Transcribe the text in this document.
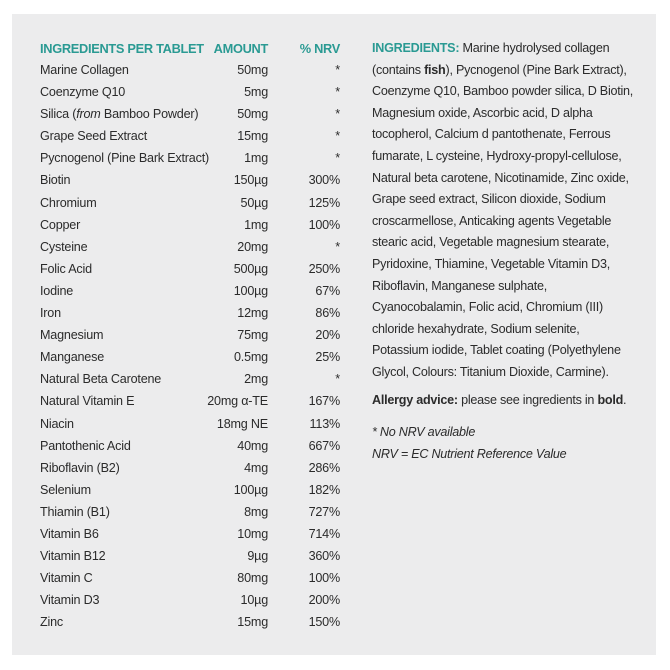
INGREDIENTS PER TABLET AMOUNT	% NRV
Marine Collagen	50mg	*
Coenzyme Q10	5mg	*
Silica (from Bamboo Powder)	50mg	*
Grape Seed Extract	15mg	*
Pycnogenol (Pine Bark Extract)	1mg	*
Biotin	150µg	300%
Chromium	50µg	125%
Copper	1mg	100%
Cysteine	20mg	*
Folic Acid	500µg	250%
Iodine	100µg	67%
Iron	12mg	86%
Magnesium	75mg	20%
Manganese	0.5mg	25%
Natural Beta Carotene	2mg	*
Natural Vitamin E	20mg α-TE	167%
Niacin	18mg NE	113%
Pantothenic Acid	40mg	667%
Riboflavin (B2)	4mg	286%
Selenium	100µg	182%
Thiamin (B1)	8mg	727%
Vitamin B6	10mg	714%
Vitamin B12	9µg	360%
Vitamin C	80mg	100%
Vitamin D3	10µg	200%
Zinc	15mg	150%
INGREDIENTS: Marine hydrolysed collagen (contains fish), Pycnogenol (Pine Bark Extract), Coenzyme Q10, Bamboo powder silica, D Biotin, Magnesium oxide, Ascorbic acid, D alpha tocopherol, Calcium d pantothenate, Ferrous fumarate, L cysteine, Hydroxy-propyl-cellulose, Natural beta carotene, Nicotinamide, Zinc oxide, Grape seed extract, Silicon dioxide, Sodium croscarmellose, Anticaking agents Vegetable stearic acid, Vegetable magnesium stearate, Pyridoxine, Thiamine, Vegetable Vitamin D3, Riboflavin, Manganese sulphate, Cyanocobalamin, Folic acid, Chromium (III) chloride hexahydrate, Sodium selenite, Potassium iodide, Tablet coating (Polyethylene Glycol, Colours: Titanium Dioxide, Carmine).
Allergy advice: please see ingredients in bold.
* No NRV available
NRV = EC Nutrient Reference Value
